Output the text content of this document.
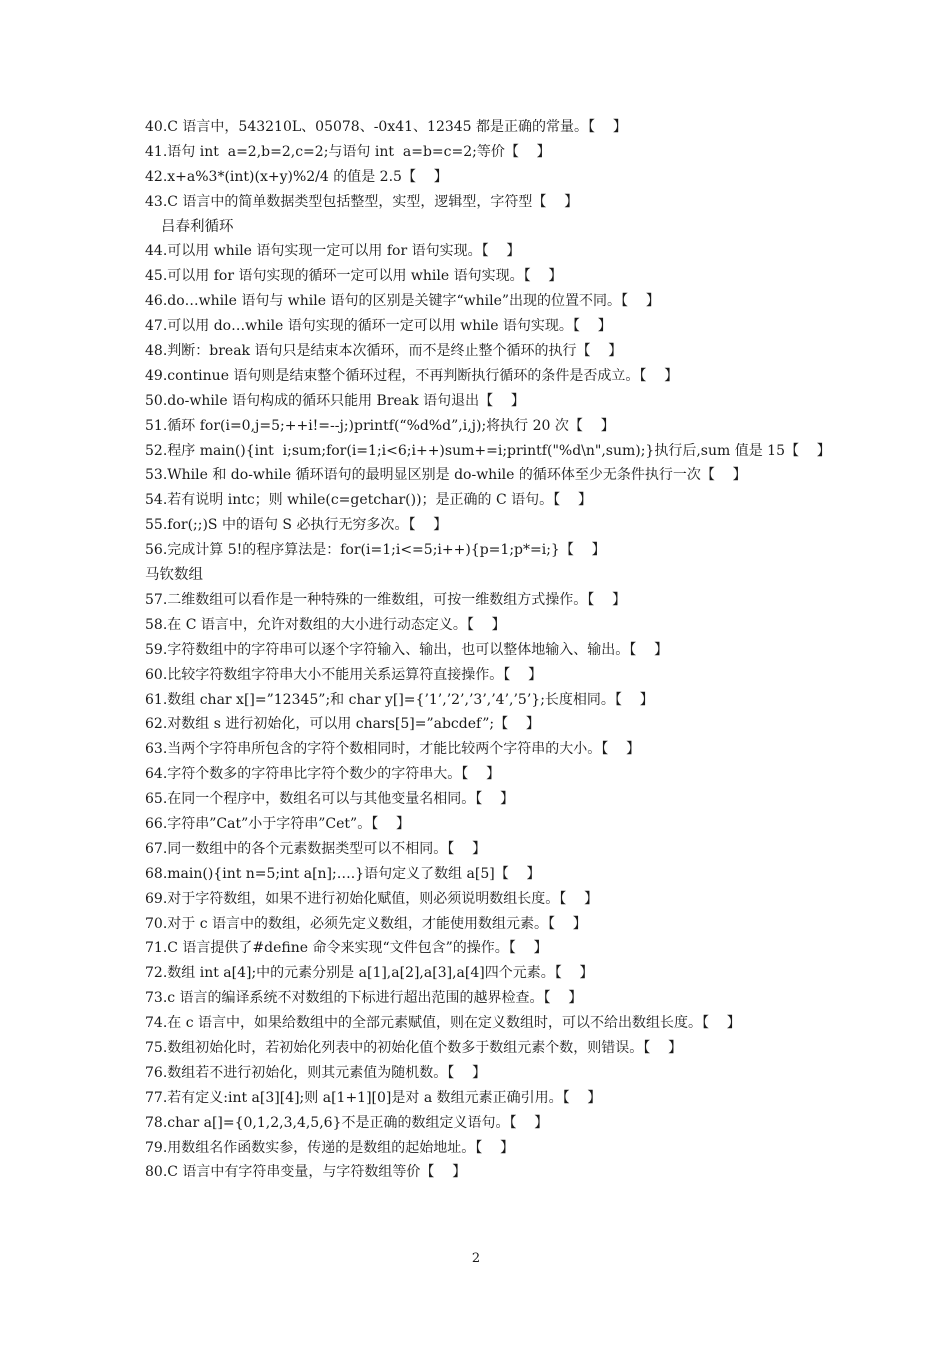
40.C 语言中，543210L、05078、-0x41、12345 都是正确的常量。【    】
41.语句 int  a=2,b=2,c=2;与语句 int  a=b=c=2;等价【    】
42.x+a%3*(int)(x+y)%2/4 的值是 2.5【    】
43.C 语言中的简单数据类型包括整型，实型，逻辑型，字符型【    】
吕春利循环
44.可以用 while 语句实现一定可以用 for 语句实现。【    】
45.可以用 for 语句实现的循环一定可以用 while 语句实现。【    】
46.do…while 语句与 while 语句的区别是关键字“while”出现的位置不同。【    】
47.可以用 do…while 语句实现的循环一定可以用 while 语句实现。【    】
48.判断：break 语句只是结束本次循环，而不是终止整个循环的执行【    】
49.continue 语句则是结束整个循环过程，不再判断执行循环的条件是否成立。【    】
50.do-while 语句构成的循环只能用 Break 语句退出【    】
51.循环 for(i=0,j=5;++i!=--j;)printf(“%d%d”,i,j);将执行 20 次【    】
52.程序 main(){int  i;sum;for(i=1;i<6;i++)sum+=i;printf("%d\n",sum);}执行后,sum 值是 15【    】
53.While 和 do-while 循环语句的最明显区别是 do-while 的循环体至少无条件执行一次【    】
54.若有说明 intc；则 while(c=getchar())；是正确的 C 语句。【    】
55.for(;;)S 中的语句 S 必执行无穷多次。【    】
56.完成计算 5!的程序算法是：for(i=1;i<=5;i++){p=1;p*=i;}【    】
马钦数组
57.二维数组可以看作是一种特殊的一维数组，可按一维数组方式操作。【    】
58.在 C 语言中，允许对数组的大小进行动态定义。【    】
59.字符数组中的字符串可以逐个字符输入、输出，也可以整体地输入、输出。【    】
60.比较字符数组字符串大小不能用关系运算符直接操作。【    】
61.数组 char x[]=”12345”;和 char y[]={’1’,’2’,’3’,’4’,’5’};长度相同。【    】
62.对数组 s 进行初始化，可以用 chars[5]=”abcdef”;【    】
63.当两个字符串所包含的字符个数相同时，才能比较两个字符串的大小。【    】
64.字符个数多的字符串比字符个数少的字符串大。【    】
65.在同一个程序中，数组名可以与其他变量名相同。【    】
66.字符串”Cat”小于字符串”Cet”。【    】
67.同一数组中的各个元素数据类型可以不相同。【    】
68.main(){int n=5;int a[n];….}语句定义了数组 a[5]【    】
69.对于字符数组，如果不进行初始化赋值，则必须说明数组长度。【    】
70.对于 c 语言中的数组，必须先定义数组，才能使用数组元素。【    】
71.C 语言提供了#define 命令来实现“文件包含”的操作。【    】
72.数组 int a[4];中的元素分别是 a[1],a[2],a[3],a[4]四个元素。【    】
73.c 语言的编译系统不对数组的下标进行超出范围的越界检查。【    】
74.在 c 语言中，如果给数组中的全部元素赋值，则在定义数组时，可以不给出数组长度。【    】
75.数组初始化时，若初始化列表中的初始化值个数多于数组元素个数，则错误。【    】
76.数组若不进行初始化，则其元素值为随机数。【    】
77.若有定义:int a[3][4];则 a[1+1][0]是对 a 数组元素正确引用。【    】
78.char a[]={0,1,2,3,4,5,6}不是正确的数组定义语句。【    】
79.用数组名作函数实参，传递的是数组的起始地址。【    】
80.C 语言中有字符串变量，与字符数组等价【    】
2
